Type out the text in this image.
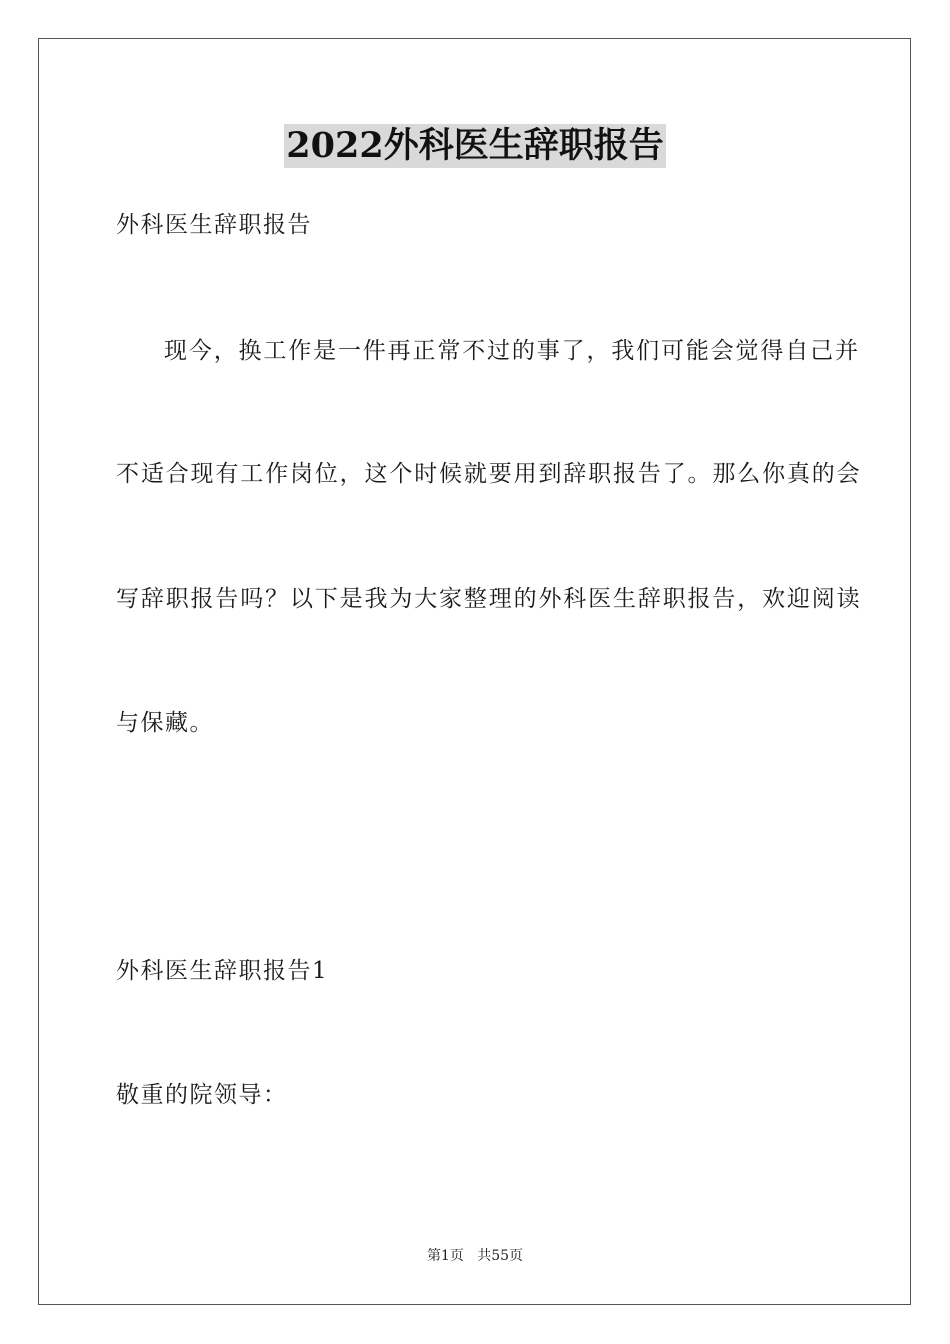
2022外科医生辞职报告
外科医生辞职报告
现今，换工作是一件再正常不过的事了，我们可能会觉得自己并
不适合现有工作岗位，这个时候就要用到辞职报告了。那么你真的会
写辞职报告吗？以下是我为大家整理的外科医生辞职报告，欢迎阅读
与保藏。
外科医生辞职报告1
敬重的院领导：
第1页 共55页
